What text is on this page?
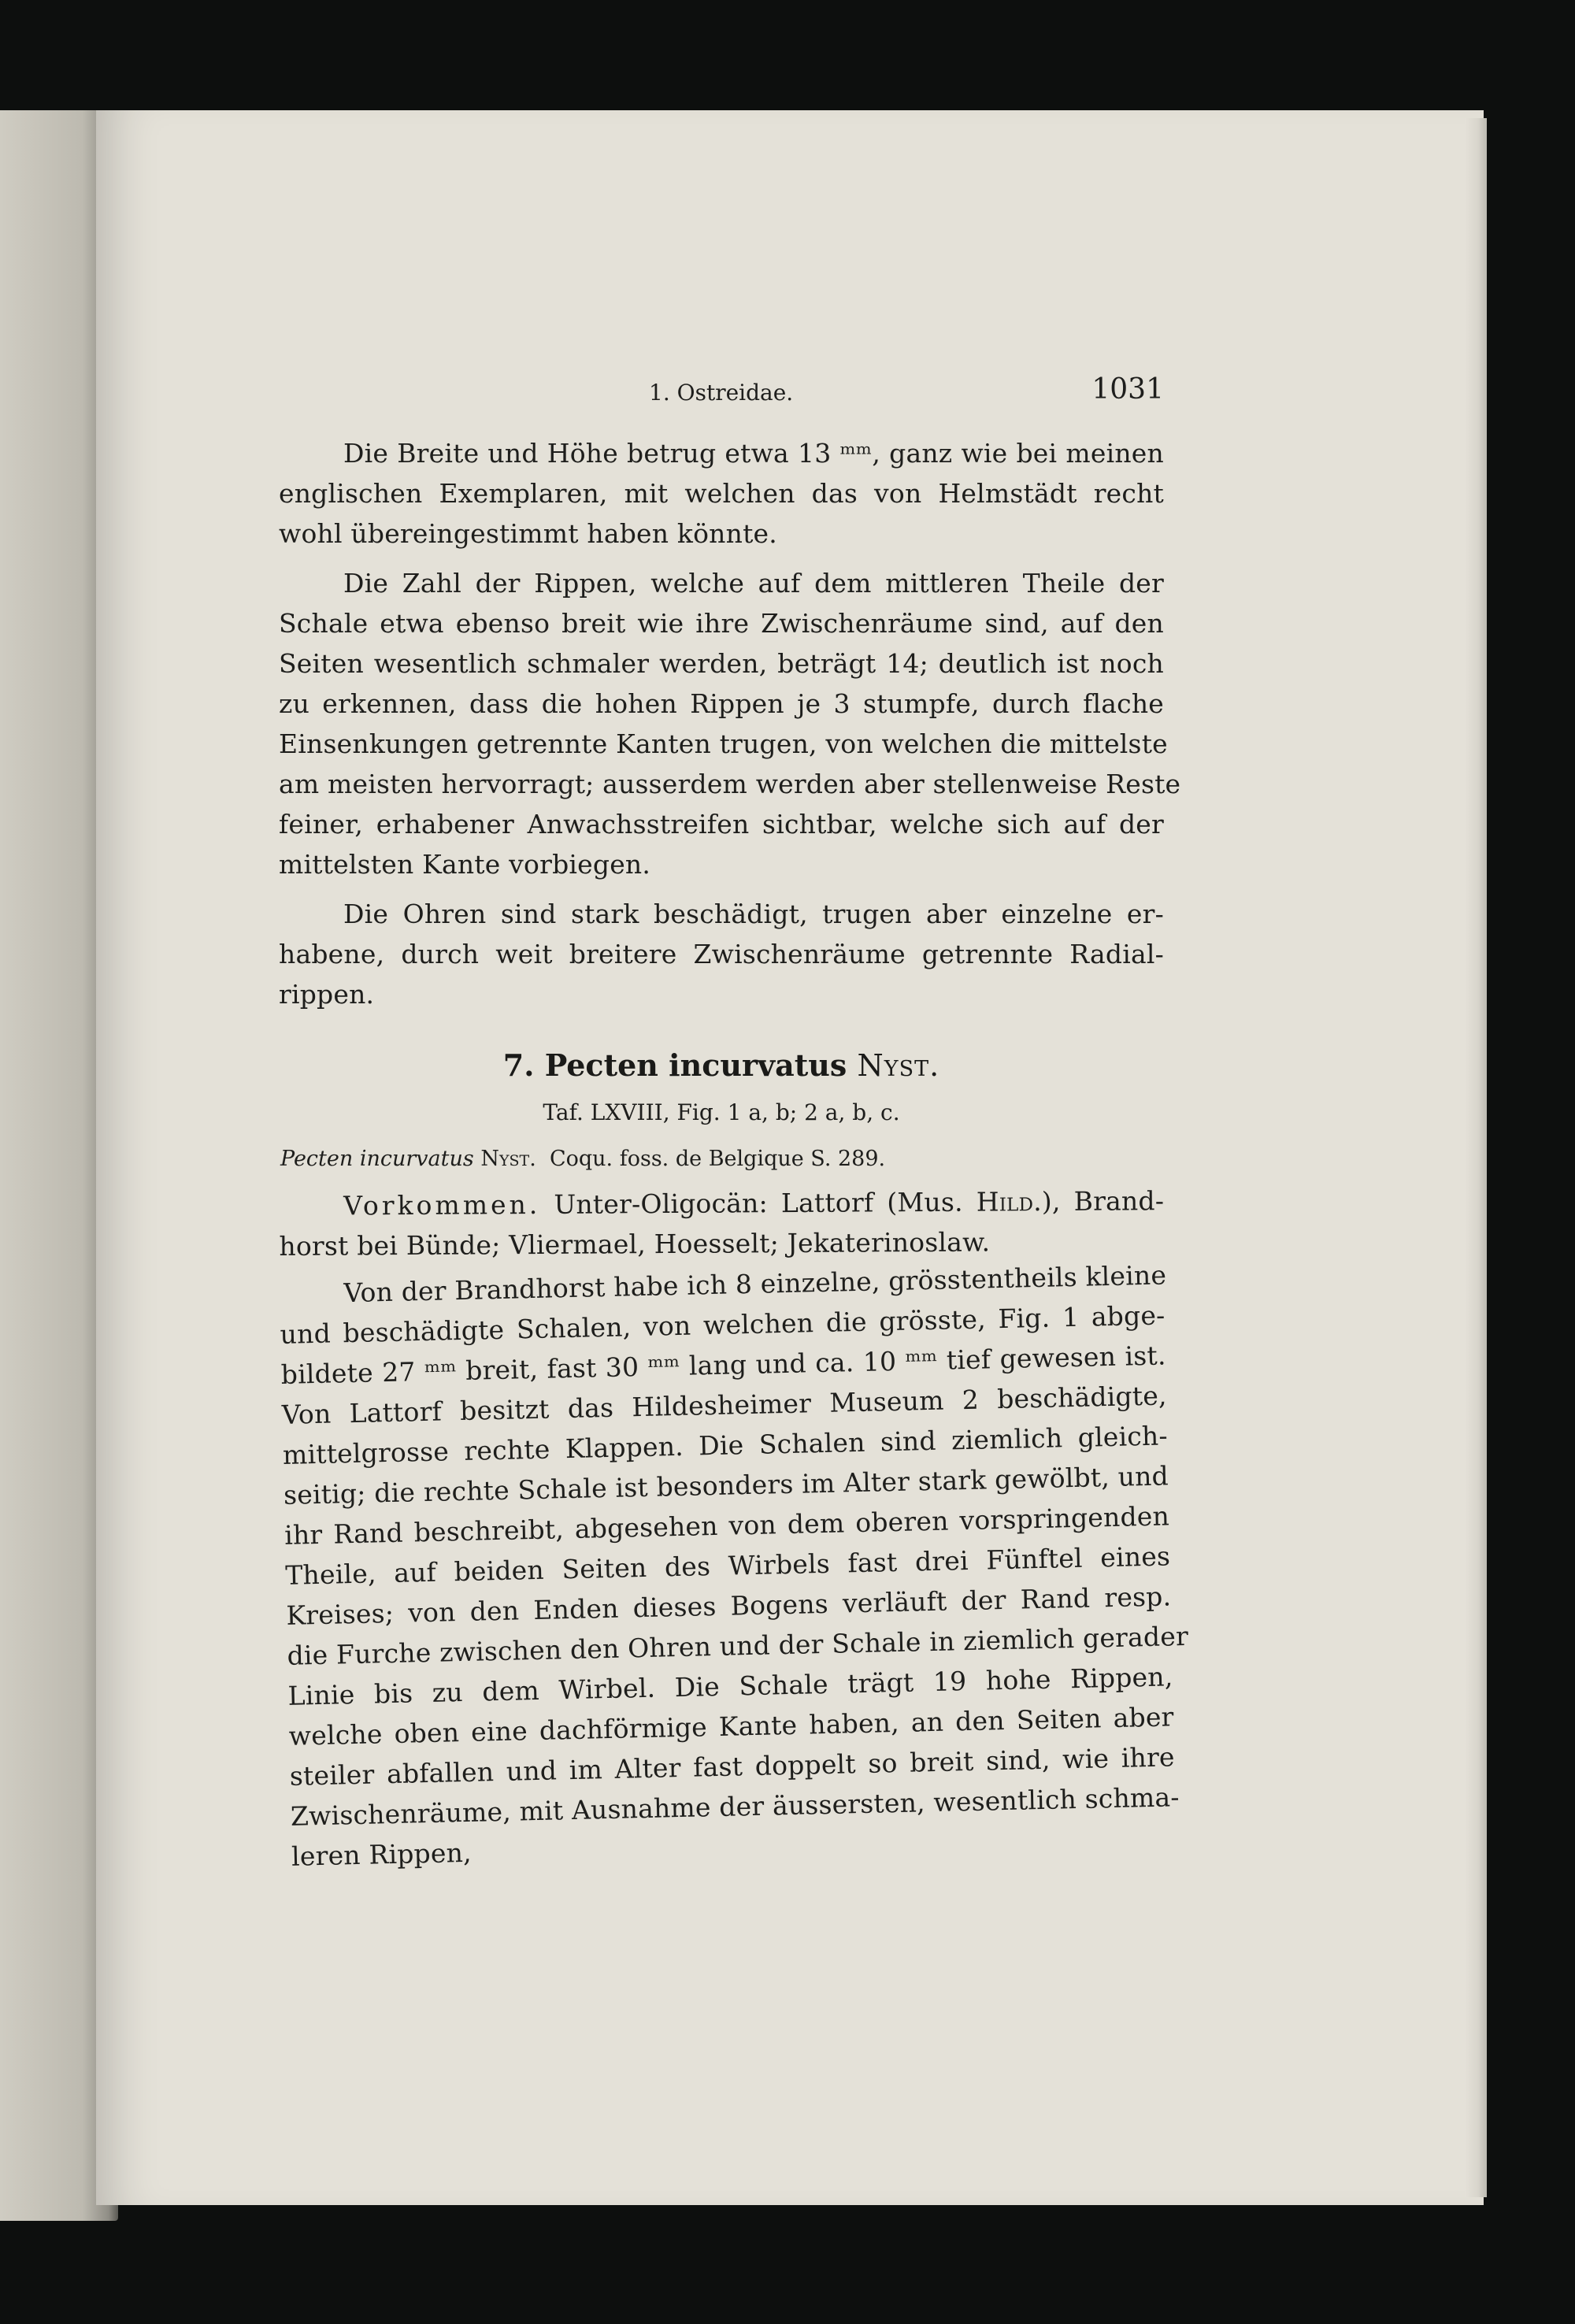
1. Ostreidae.	1031
Die Breite und Höhe betrug etwa 13 ᵐᵐ, ganz wie bei meinen
englischen Exemplaren, mit welchen das von Helmstädt recht
wohl übereingestimmt haben könnte.
Die Zahl der Rippen, welche auf dem mittleren Theile der
Schale etwa ebenso breit wie ihre Zwischenräume sind, auf den
Seiten wesentlich schmaler werden, beträgt 14; deutlich ist noch
zu erkennen, dass die hohen Rippen je 3 stumpfe, durch flache
Einsenkungen getrennte Kanten trugen, von welchen die mittelste
am meisten hervorragt; ausserdem werden aber stellenweise Reste
feiner, erhabener Anwachsstreifen sichtbar, welche sich auf der
mittelsten Kante vorbiegen.
Die Ohren sind stark beschädigt, trugen aber einzelne er-
habene, durch weit breitere Zwischenräume getrennte Radial-
rippen.
7. Pecten incurvatus Nyst.
Taf. LXVIII, Fig. 1 a, b; 2 a, b, c.
Pecten incurvatus Nyst. Coqu. foss. de Belgique S. 289.
Vorkommen. Unter-Oligocän: Lattorf (Mus. Hild.), Brand-
horst bei Bünde; Vliermael, Hoesselt; Jekaterinoslaw.
Von der Brandhorst habe ich 8 einzelne, grösstentheils kleine
und beschädigte Schalen, von welchen die grösste, Fig. 1 abge-
bildete 27 ᵐᵐ breit, fast 30 ᵐᵐ lang und ca. 10 ᵐᵐ tief gewesen ist.
Von Lattorf besitzt das Hildesheimer Museum 2 beschädigte,
mittelgrosse rechte Klappen. Die Schalen sind ziemlich gleich-
seitig; die rechte Schale ist besonders im Alter stark gewölbt, und
ihr Rand beschreibt, abgesehen von dem oberen vorspringenden
Theile, auf beiden Seiten des Wirbels fast drei Fünftel eines
Kreises; von den Enden dieses Bogens verläuft der Rand resp.
die Furche zwischen den Ohren und der Schale in ziemlich gerader
Linie bis zu dem Wirbel. Die Schale trägt 19 hohe Rippen,
welche oben eine dachförmige Kante haben, an den Seiten aber
steiler abfallen und im Alter fast doppelt so breit sind, wie ihre
Zwischenräume, mit Ausnahme der äussersten, wesentlich schma-
leren Rippen,
